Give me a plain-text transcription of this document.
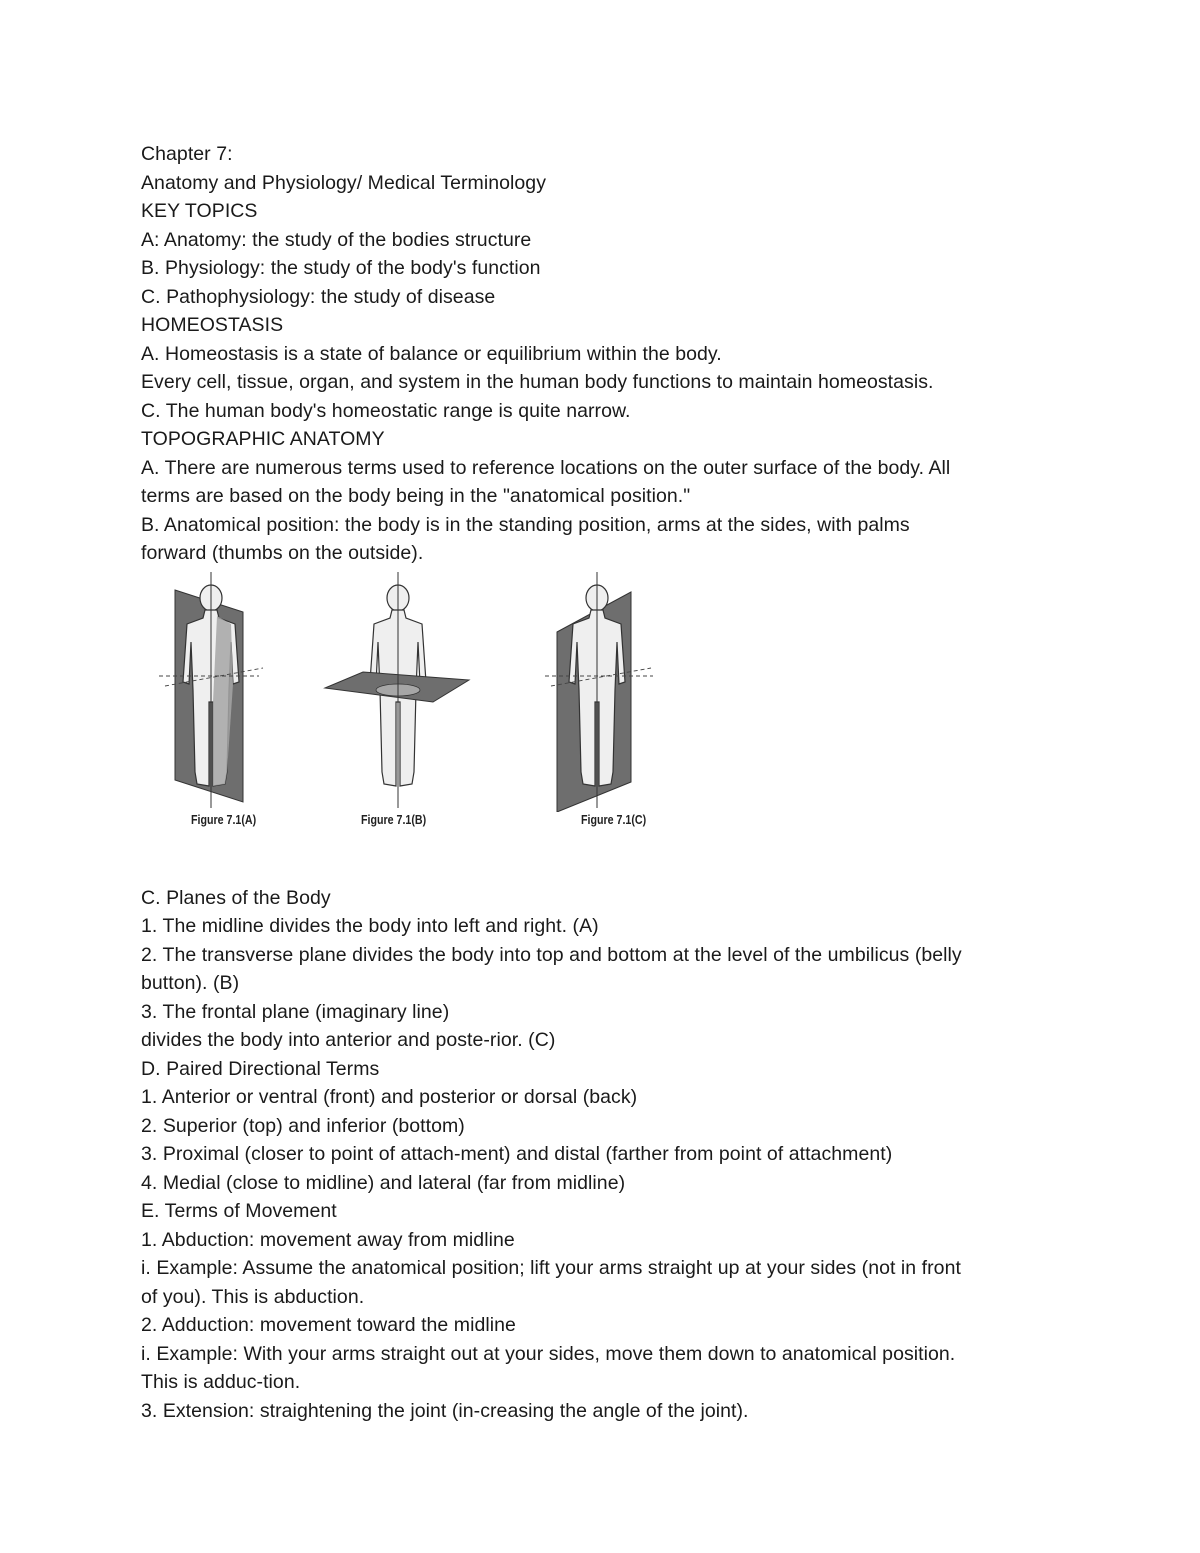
Chapter 7:
Anatomy and Physiology/ Medical Terminology
KEY TOPICS
A: Anatomy: the study of the bodies structure
B. Physiology: the study of the body's function
C. Pathophysiology: the study of disease
HOMEOSTASIS
A. Homeostasis is a state of balance or equilibrium within the body.
Every cell, tissue, organ, and system in the human body functions to maintain homeostasis.
C. The human body's homeostatic range is quite narrow.
TOPOGRAPHIC ANATOMY
A. There are numerous terms used to reference locations on the outer surface of the body. All
terms are based on the body being in the "anatomical position."
B. Anatomical position: the body is in the standing position, arms at the sides, with palms
forward (thumbs on the outside).
Figure 7.1(A)	Figure 7.1(B)	Figure 7.1(C)
C. Planes of the Body
1. The midline divides the body into left and right. (A)
2. The transverse plane divides the body into top and bottom at the level of the umbilicus (belly
button). (B)
3. The frontal plane (imaginary line)
divides the body into anterior and poste-rior. (C)
D. Paired Directional Terms
1. Anterior or ventral (front) and posterior or dorsal (back)
2. Superior (top) and inferior (bottom)
3. Proximal (closer to point of attach-ment) and distal (farther from point of attachment)
4. Medial (close to midline) and lateral (far from midline)
E. Terms of Movement
1. Abduction: movement away from midline
i. Example: Assume the anatomical position; lift your arms straight up at your sides (not in front
of you). This is abduction.
2. Adduction: movement toward the midline
i. Example: With your arms straight out at your sides, move them down to anatomical position.
This is adduc-tion.
3. Extension: straightening the joint (in-creasing the angle of the joint).
